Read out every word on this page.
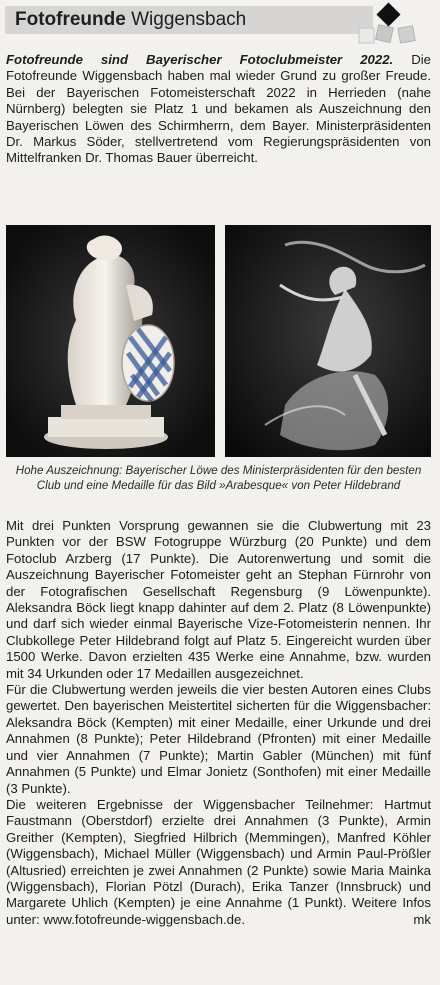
Fotofreunde Wiggensbach
Fotofreunde sind Bayerischer Fotoclubmeister 2022. Die Fotofreunde Wiggensbach haben mal wieder Grund zu großer Freude. Bei der Bayerischen Fotomeisterschaft 2022 in Herrieden (nahe Nürnberg) belegten sie Platz 1 und bekamen als Auszeichnung den Bayerischen Löwen des Schirmherrn, dem Bayer. Ministerpräsidenten Dr. Markus Söder, stellvertretend vom Regierungspräsidenten von Mittelfranken Dr. Thomas Bauer überreicht.
Hohe Auszeichnung: Bayerischer Löwe des Ministerpräsidenten für den besten Club und eine Medaille für das Bild »Arabesque« von Peter Hildebrand

Mit drei Punkten Vorsprung gewannen sie die Clubwertung mit 23 Punkten vor der BSW Fotogruppe Würzburg (20 Punkte) und dem Fotoclub Arzberg (17 Punkte). Die Autorenwertung und somit die Auszeichnung Bayerischer Fotomeister geht an Stephan Fürnrohr von der Fotografischen Gesellschaft Regensburg (9 Löwenpunkte). Aleksandra Böck liegt knapp dahinter auf dem 2. Platz (8 Löwenpunkte) und darf sich wieder einmal Bayerische Vize-Fotomeisterin nennen. Ihr Clubkollege Peter Hildebrand folgt auf Platz 5. Eingereicht wurden über 1500 Werke. Davon erzielten 435 Werke eine Annahme, bzw. wurden mit 34 Urkunden oder 17 Medaillen ausgezeichnet.

Für die Clubwertung werden jeweils die vier besten Autoren eines Clubs gewertet. Den bayerischen Meistertitel sicherten für die Wiggensbacher: Aleksandra Böck (Kempten) mit einer Medaille, einer Urkunde und drei Annahmen (8 Punkte); Peter Hildebrand (Pfronten) mit einer Medaille und vier Annahmen (7 Punkte); Martin Gabler (München) mit fünf Annahmen (5 Punkte) und Elmar Jonietz (Sonthofen) mit einer Medaille (3 Punkte).

Die weiteren Ergebnisse der Wiggensbacher Teilnehmer: Hartmut Faustmann (Oberstdorf) erzielte drei Annahmen (3 Punkte), Armin Greither (Kempten), Siegfried Hilbrich (Memmingen), Manfred Köhler (Wiggensbach), Michael Müller (Wiggensbach) und Armin Paul-Prößler (Altusried) erreichten je zwei Annahmen (2 Punkte) sowie Maria Mainka (Wiggensbach), Florian Pötzl (Durach), Erika Tanzer (Innsbruck) und Margarete Uhlich (Kempten) je eine Annahme (1 Punkt). Weitere Infos unter: www.fotofreunde-wiggensbach.de.	mk
